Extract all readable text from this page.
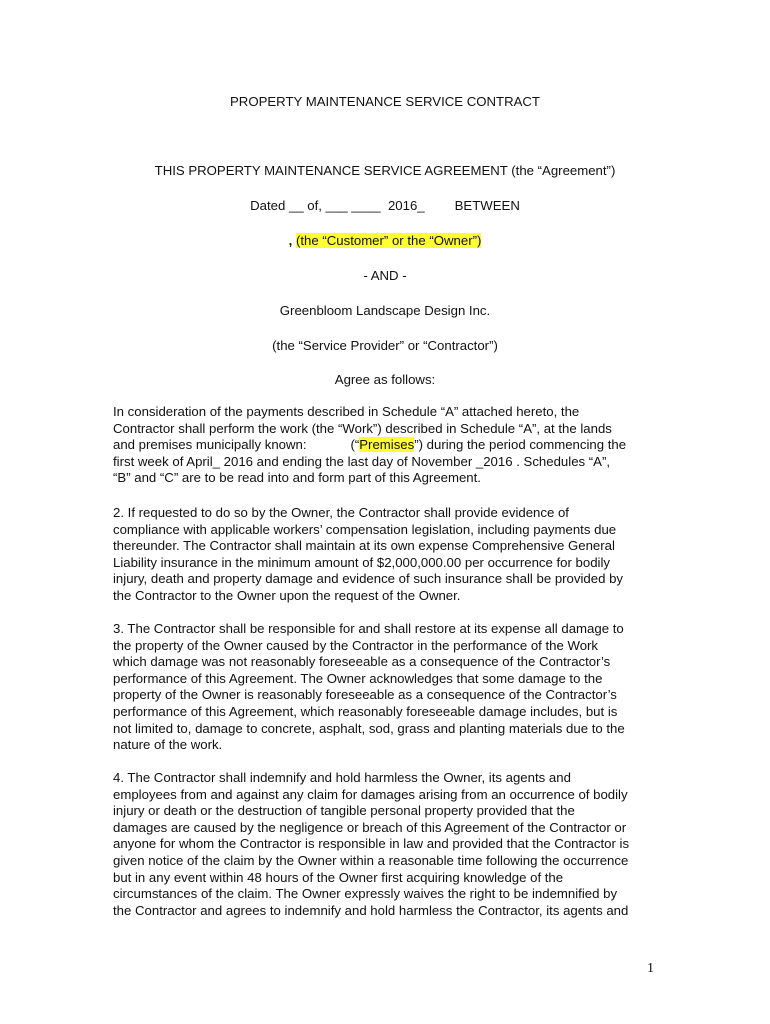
PROPERTY MAINTENANCE SERVICE CONTRACT
THIS PROPERTY MAINTENANCE SERVICE AGREEMENT (the “Agreement”)
Dated __ of, ___ ____  2016_ BETWEEN
, (the “Customer” or the “Owner”)
- AND -
Greenbloom Landscape Design Inc.
(the “Service Provider” or “Contractor”)
Agree as follows:
In consideration of the payments described in Schedule “A” attached hereto, the
Contractor shall perform the work (the “Work”) described in Schedule “A”, at the lands
and premises municipally known:            (“Premises”) during the period commencing the
first week of April_ 2016 and ending the last day of November _2016 . Schedules “A”,
“B” and “C” are to be read into and form part of this Agreement.
2. If requested to do so by the Owner, the Contractor shall provide evidence of
compliance with applicable workers’ compensation legislation, including payments due
thereunder. The Contractor shall maintain at its own expense Comprehensive General
Liability insurance in the minimum amount of $2,000,000.00 per occurrence for bodily
injury, death and property damage and evidence of such insurance shall be provided by
the Contractor to the Owner upon the request of the Owner.
3. The Contractor shall be responsible for and shall restore at its expense all damage to
the property of the Owner caused by the Contractor in the performance of the Work
which damage was not reasonably foreseeable as a consequence of the Contractor’s
performance of this Agreement. The Owner acknowledges that some damage to the
property of the Owner is reasonably foreseeable as a consequence of the Contractor’s
performance of this Agreement, which reasonably foreseeable damage includes, but is
not limited to, damage to concrete, asphalt, sod, grass and planting materials due to the
nature of the work.
4. The Contractor shall indemnify and hold harmless the Owner, its agents and
employees from and against any claim for damages arising from an occurrence of bodily
injury or death or the destruction of tangible personal property provided that the
damages are caused by the negligence or breach of this Agreement of the Contractor or
anyone for whom the Contractor is responsible in law and provided that the Contractor is
given notice of the claim by the Owner within a reasonable time following the occurrence
but in any event within 48 hours of the Owner first acquiring knowledge of the
circumstances of the claim. The Owner expressly waives the right to be indemnified by
the Contractor and agrees to indemnify and hold harmless the Contractor, its agents and
1
